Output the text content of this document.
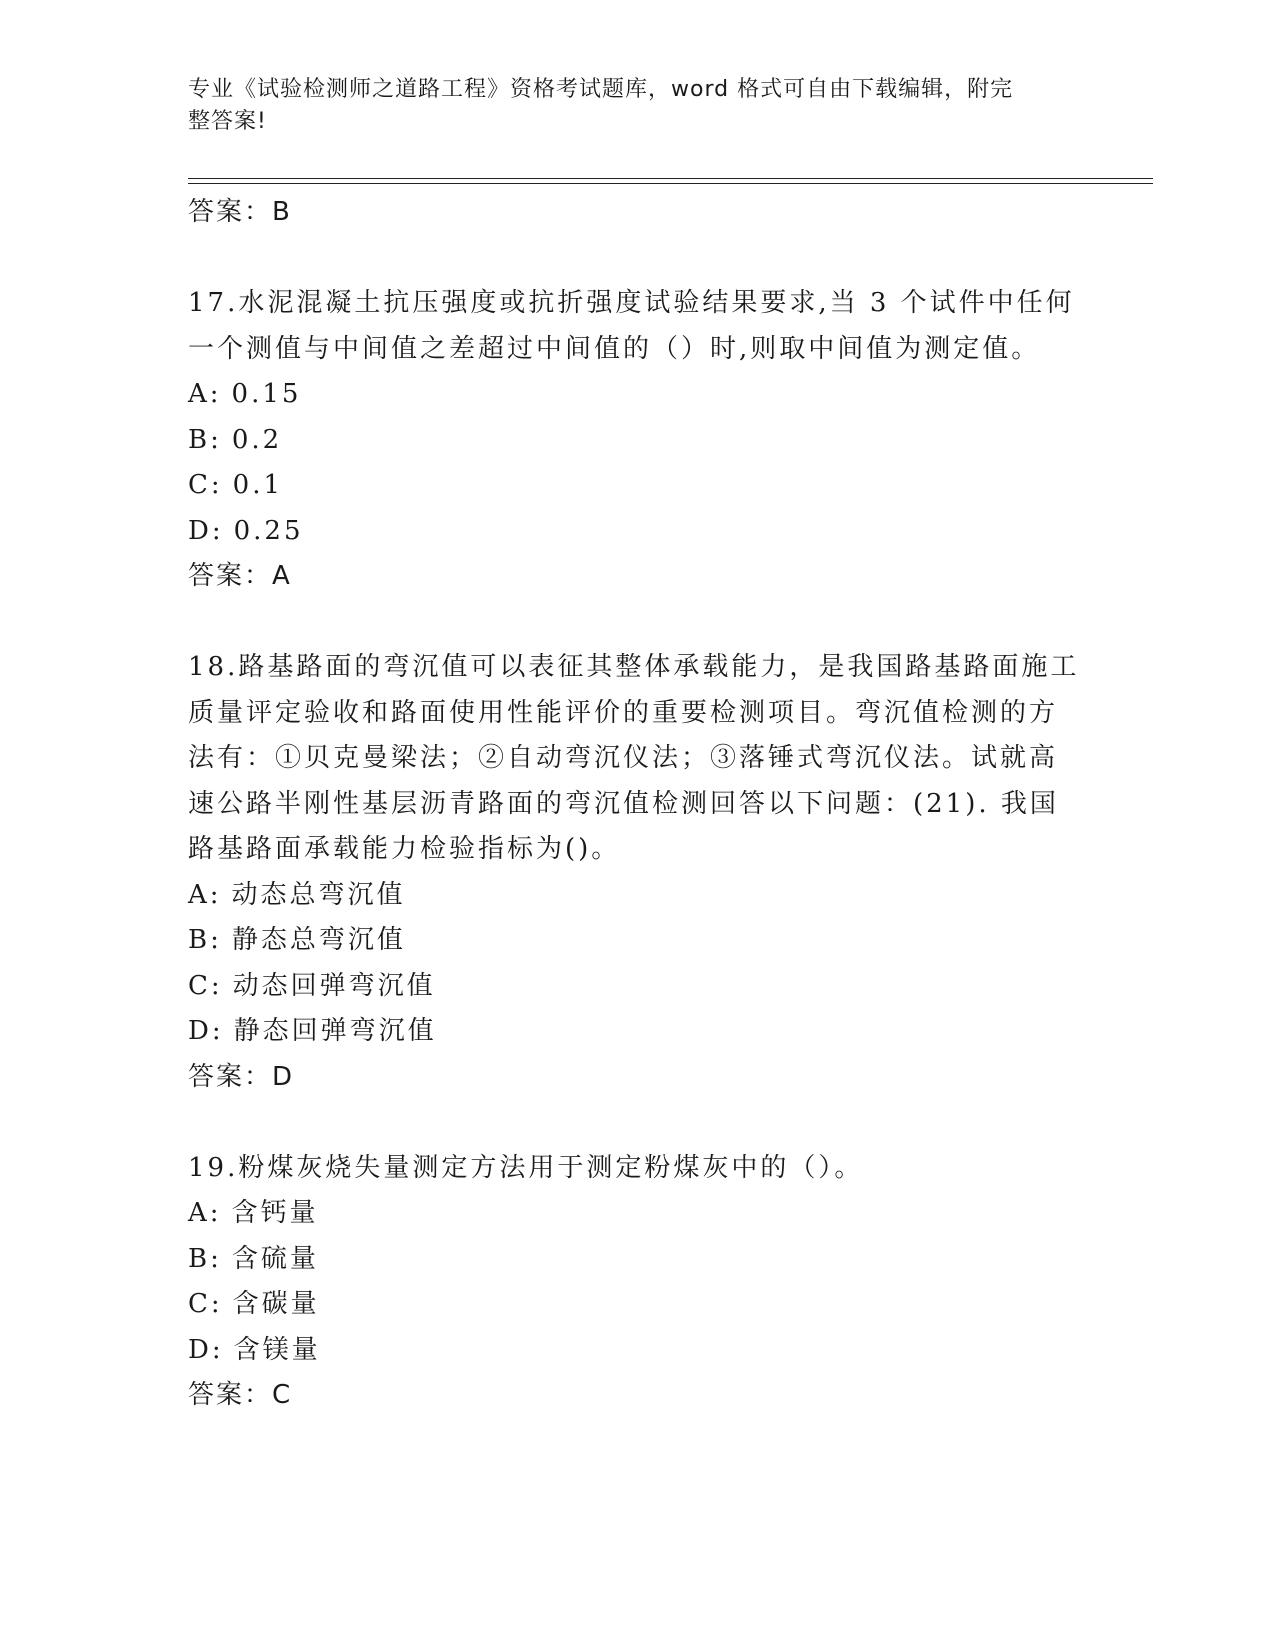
专业《试验检测师之道路工程》资格考试题库，word 格式可自由下载编辑，附完
整答案!
答案：B
17.水泥混凝土抗压强度或抗折强度试验结果要求,当 3 个试件中任何
一个测值与中间值之差超过中间值的（）时,则取中间值为测定值。
A: 0.15
B: 0.2
C: 0.1
D: 0.25
答案：A
18.路基路面的弯沉值可以表征其整体承载能力，是我国路基路面施工
质量评定验收和路面使用性能评价的重要检测项目。弯沉值检测的方
法有：①贝克曼梁法；②自动弯沉仪法；③落锤式弯沉仪法。试就高
速公路半刚性基层沥青路面的弯沉值检测回答以下问题：(21). 我国
路基路面承载能力检验指标为()。
A: 动态总弯沉值
B: 静态总弯沉值
C: 动态回弹弯沉值
D: 静态回弹弯沉值
答案：D
19.粉煤灰烧失量测定方法用于测定粉煤灰中的（）。
A: 含钙量
B: 含硫量
C: 含碳量
D: 含镁量
答案：C
